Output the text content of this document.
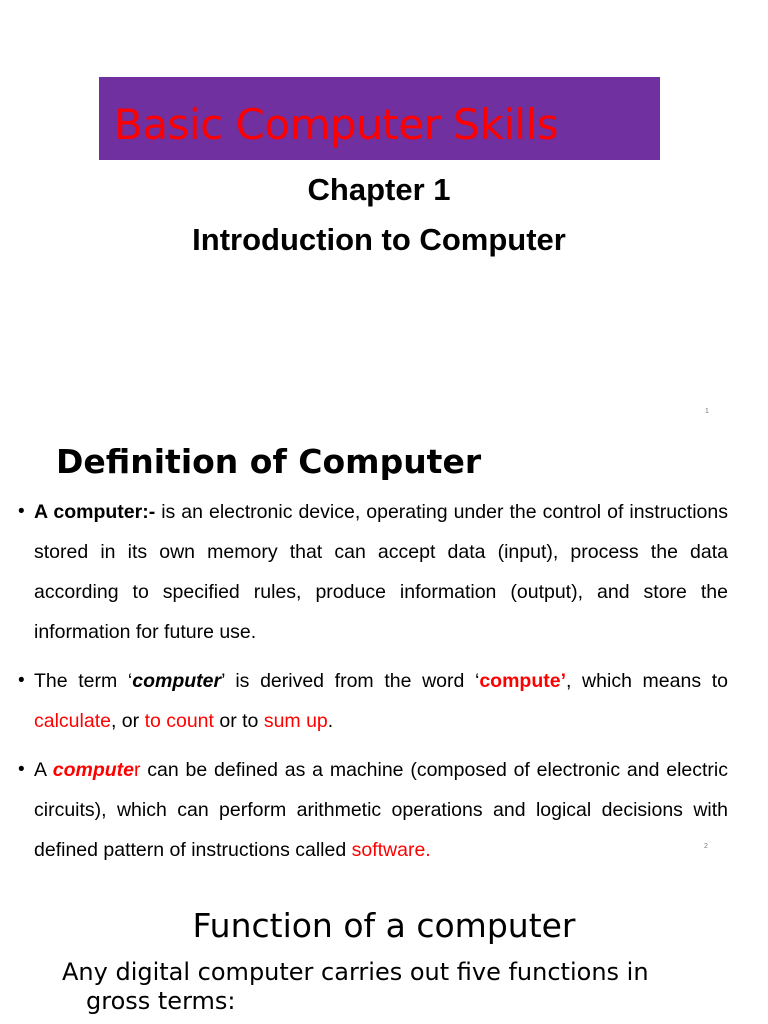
Basic Computer Skills
Chapter 1
Introduction to Computer
1
Definition of Computer
• A computer:- is an electronic device, operating under the control of instructions stored in its own memory that can accept data (input), process the data according to specified rules, produce information (output), and store the information for future use.
• The term ‘computer’ is derived from the word ‘compute’, which means to calculate, or to count or to sum up.
• A computer can be defined as a machine (composed of electronic and electric circuits), which can perform arithmetic operations and logical decisions with defined pattern of instructions called software.	2
Function of a computer
Any digital computer carries out five functions in
gross terms:
